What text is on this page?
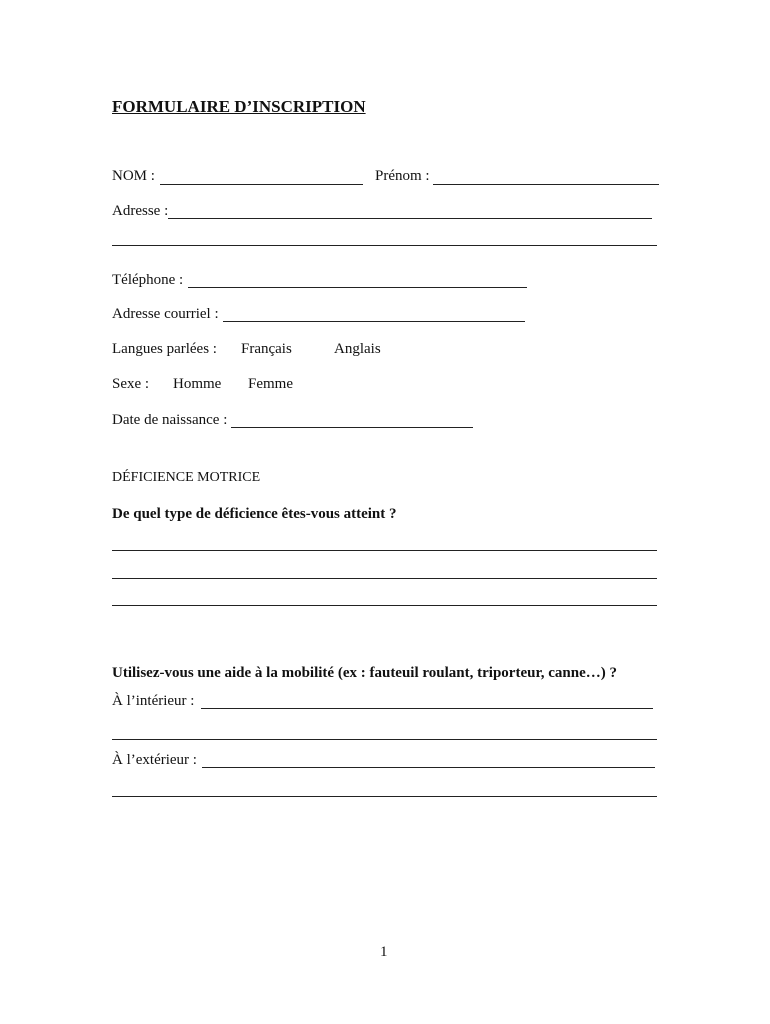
FORMULAIRE D’INSCRIPTION
NOM :	Prénom :
Adresse :
Téléphone :
Adresse courriel :
Langues parlées : Français	Anglais
Sexe : Homme Femme
Date de naissance :
DÉFICIENCE MOTRICE
De quel type de déficience êtes-vous atteint ?
Utilisez-vous une aide à la mobilité (ex : fauteuil roulant, triporteur, canne…) ?
À l’intérieur :
À l’extérieur :
1
